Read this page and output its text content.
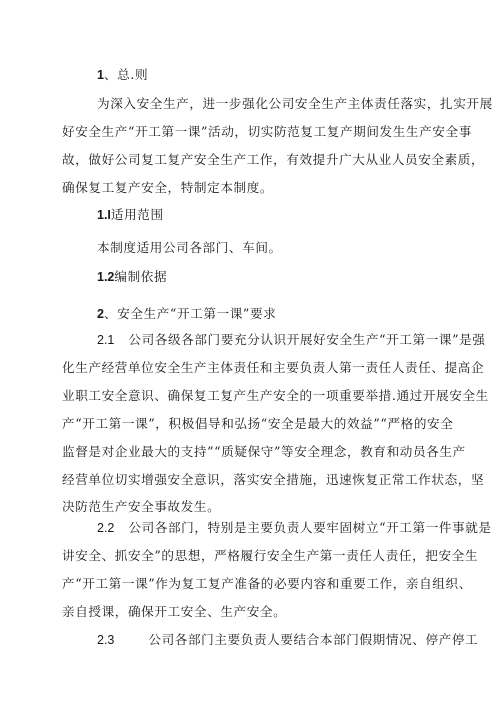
1、总.则
为深入安全生产，进一步强化公司安全生产主体责任落实，扎实开展
好安全生产“开工第一课”活动，切实防范复工复产期间发生生产安全事
故，做好公司复工复产安全生产工作，有效提升广大从业人员安全素质，
确保复工复产安全，特制定本制度。
1.I适用范围
本制度适用公司各部门、车间。
1.2编制依据
2、安全生产“开工第一课”要求
2.1 公司各级各部门要充分认识开展好安全生产“开工第一课”是强
化生产经营单位安全生产主体责任和主要负责人第一责任人责任、提高企
业职工安全意识、确保复工复产生产安全的一项重要举措.通过开展安全生
产“开工第一课”，积极倡导和弘扬“安全是最大的效益”“严格的安全
监督是对企业最大的支持”“质疑保守”等安全理念，教育和动员各生产
经营单位切实增强安全意识，落实安全措施，迅速恢复正常工作状态，坚
决防范生产安全事故发生。
2.2 公司各部门，特别是主要负责人要牢固树立“开工第一件事就是
讲安全、抓安全”的思想，严格履行安全生产第一责任人责任，把安全生
产“开工第一课”作为复工复产准备的必要内容和重要工作，亲自组织、
亲自授课，确保开工安全、生产安全。
2.3	公司各部门主要负责人要结合本部门假期情况、停产停工
